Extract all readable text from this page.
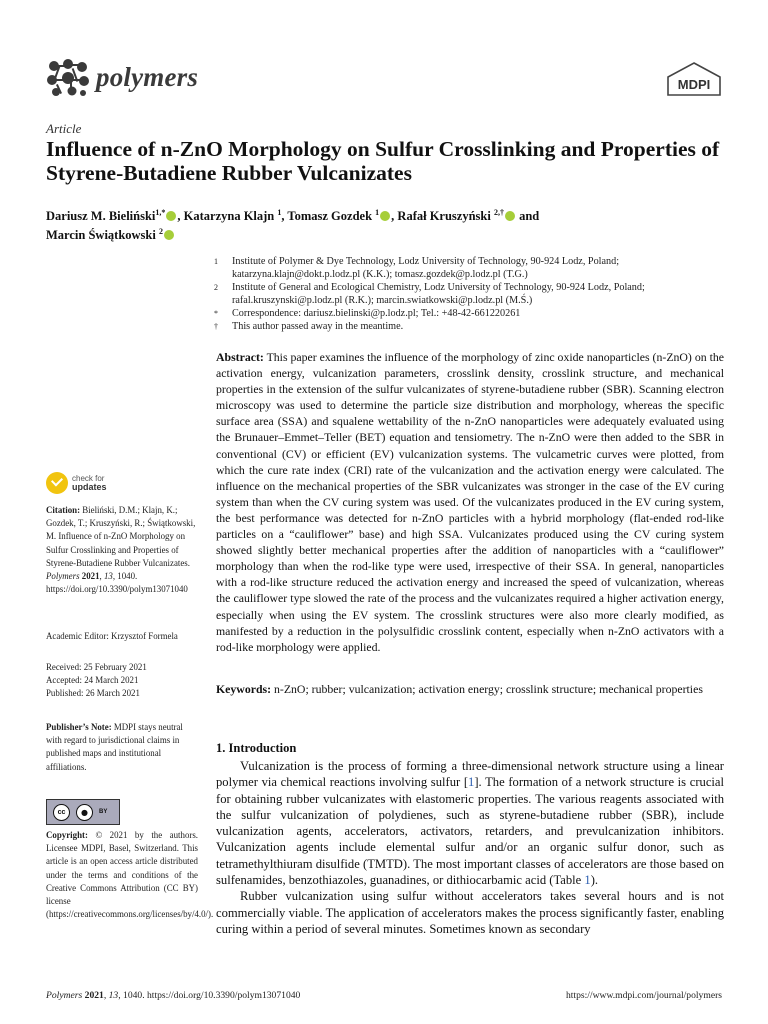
polymers	MDPI
Article
Influence of n-ZnO Morphology on Sulfur Crosslinking and Properties of Styrene-Butadiene Rubber Vulcanizates
Dariusz M. Bieliński$^{1,*}$ , Katarzyna Klajn $^1$, Tomasz Gozdek $^1$ , Rafał Kruszyński $^{2,\dagger}$ and
Marcin Świątkowski $^2$
1 Institute of Polymer & Dye Technology, Lodz University of Technology, 90-924 Lodz, Poland; katarzyna.klajn@dokt.p.lodz.pl (K.K.); tomasz.gozdek@p.lodz.pl (T.G.)
2 Institute of General and Ecological Chemistry, Lodz University of Technology, 90-924 Lodz, Poland; rafal.kruszynski@p.lodz.pl (R.K.); marcin.swiatkowski@p.lodz.pl (M.Ś.)
* Correspondence: dariusz.bielinski@p.lodz.pl; Tel.: +48-42-661220261
† This author passed away in the meantime.
Abstract: This paper examines the influence of the morphology of zinc oxide nanoparticles (n-ZnO) on the activation energy, vulcanization parameters, crosslink density, crosslink structure, and mechanical properties in the extension of the sulfur vulcanizates of styrene-butadiene rubber (SBR). Scanning electron microscopy was used to determine the particle size distribution and morphology, whereas the specific surface area (SSA) and squalene wettability of the n-ZnO nanoparticles were adequately evaluated using the Brunauer–Emmet–Teller (BET) equation and tensiometry. The n-ZnO were then added to the SBR in conventional (CV) or efficient (EV) vulcanization systems. The vulcametric curves were plotted, from which the cure rate index (CRI) rate of the vulcanization and the activation energy were calculated. The influence on the mechanical properties of the SBR vulcanizates was stronger in the case of the EV curing system than when the CV curing system was used. Of the vulcanizates produced in the EV curing system, the best performance was detected for n-ZnO particles with a hybrid morphology (flat-ended rod-like particles on a “cauliflower” base) and high SSA. Vulcanizates produced using the CV curing system showed slightly better mechanical properties after the addition of nanoparticles with a “cauliflower” morphology than when the rod-like type were used, irrespective of their SSA. In general, nanoparticles with a rod-like structure reduced the activation energy and increased the speed of vulcanization, whereas the cauliflower type slowed the rate of the process and the vulcanizates required a higher activation energy, especially when using the EV system. The crosslink structures were also more clearly modified, as manifested by a reduction in the polysulfidic crosslink content, especially when n-ZnO activators with a rod-like morphology were applied.
Keywords: n-ZnO; rubber; vulcanization; activation energy; crosslink structure; mechanical properties
1. Introduction

Vulcanization is the process of forming a three-dimensional network structure using a linear polymer via chemical reactions involving sulfur [1]. The formation of a network structure is crucial for obtaining rubber vulcanizates with elastomeric properties. The various reagents associated with the sulfur vulcanization of polydienes, such as styrene-butadiene rubber (SBR), include vulcanization agents, accelerators, activators, retarders, and prevulcanization inhibitors. Vulcanization agents include elemental sulfur and/or an organic sulfur donor, such as tetramethylthiuram disulfide (TMTD). The most important classes of accelerators are those based on sulfenamides, benzothiazoles, guanadines, or dithiocarbamic acid (Table 1).

Rubber vulcanization using sulfur without accelerators takes several hours and is not commercially viable. The application of accelerators makes the process significantly faster, enabling curing within a period of several minutes. Sometimes known as secondary

check for
updates
Citation: Bieliński, D.M.; Klajn, K.; Gozdek, T.; Kruszyński, R.; Świątkowski, M. Influence of n-ZnO Morphology on Sulfur Crosslinking and Properties of Styrene-Butadiene Rubber Vulcanizates. Polymers 2021, 13, 1040. https://doi.org/10.3390/polym13071040
Academic Editor: Krzysztof Formela
Received: 25 February 2021
Accepted: 24 March 2021
Published: 26 March 2021
Publisher’s Note: MDPI stays neutral with regard to jurisdictional claims in published maps and institutional affiliations.
cc	●	BY
Copyright: © 2021 by the authors. Licensee MDPI, Basel, Switzerland. This article is an open access article distributed under the terms and conditions of the Creative Commons Attribution (CC BY) license (https://creativecommons.org/licenses/by/4.0/).
Polymers 2021, 13, 1040. https://doi.org/10.3390/polym13071040	https://www.mdpi.com/journal/polymers
